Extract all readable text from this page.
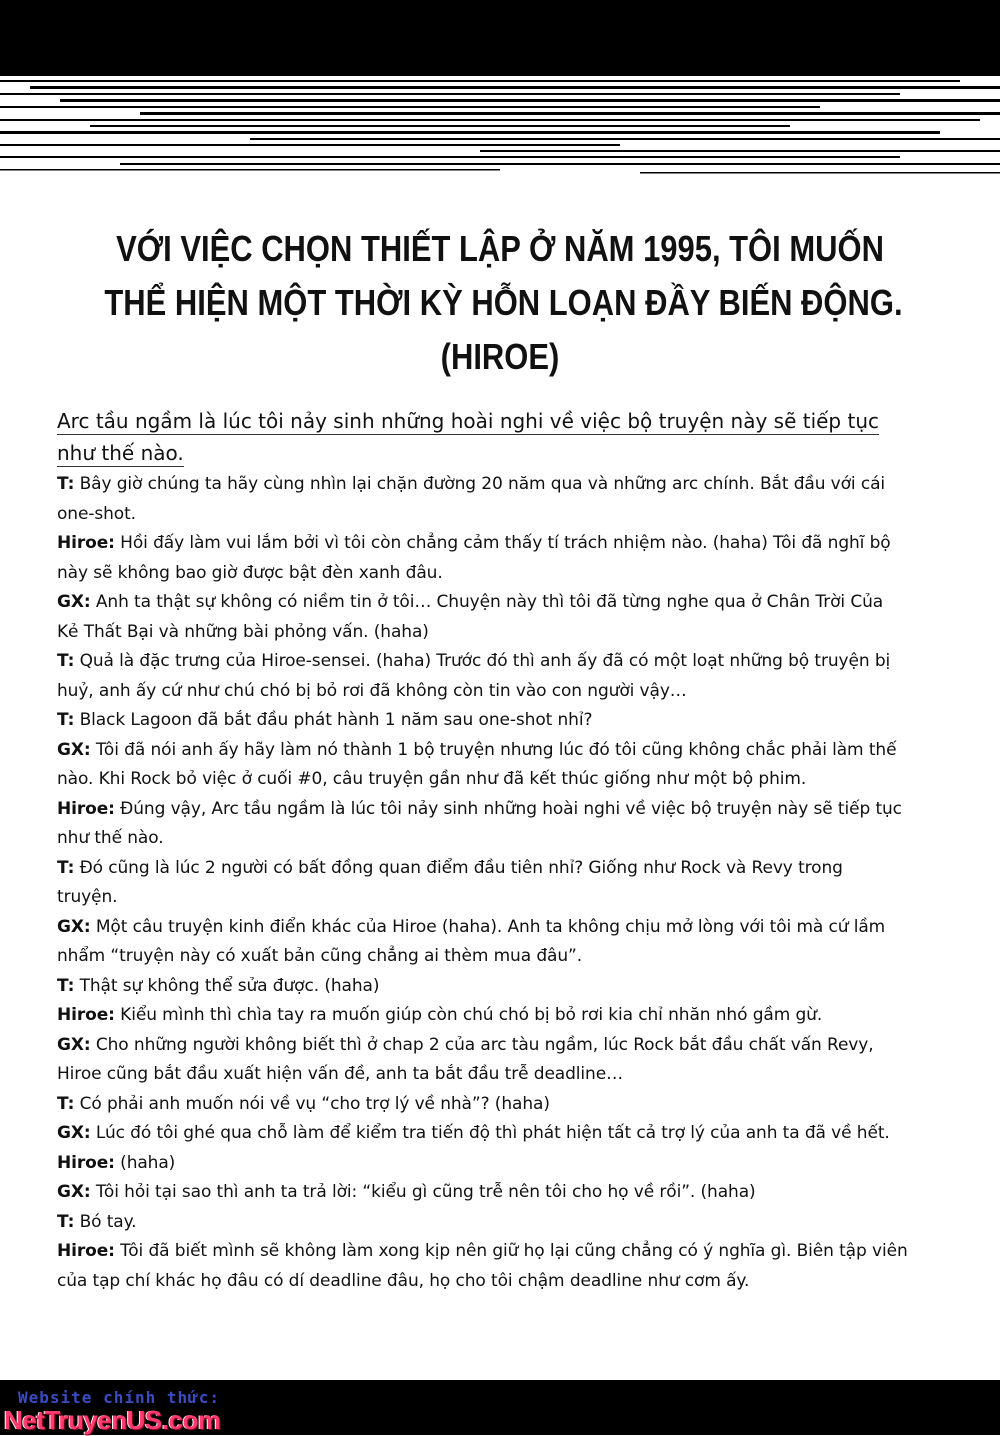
VỚI VIỆC CHỌN THIẾT LẬP Ở NĂM 1995, TÔI MUỐN
THỂ HIỆN MỘT THỜI KỲ HỖN LOẠN ĐẦY BIẾN ĐỘNG.
(HIROE)

Arc tầu ngầm là lúc tôi nảy sinh những hoài nghi về việc bộ truyện này sẽ tiếp tục
như thế nào.

T: Bây giờ chúng ta hãy cùng nhìn lại chặn đường 20 năm qua và những arc chính. Bắt đầu với cái
one-shot.

Hiroe: Hồi đấy làm vui lắm bởi vì tôi còn chẳng cảm thấy tí trách nhiệm nào. (haha) Tôi đã nghĩ bộ
này sẽ không bao giờ được bật đèn xanh đâu.

GX: Anh ta thật sự không có niềm tin ở tôi… Chuyện này thì tôi đã từng nghe qua ở Chân Trời Của
Kẻ Thất Bại và những bài phỏng vấn. (haha)

T: Quả là đặc trưng của Hiroe-sensei. (haha) Trước đó thì anh ấy đã có một loạt những bộ truyện bị
huỷ, anh ấy cứ như chú chó bị bỏ rơi đã không còn tin vào con người vậy…

T: Black Lagoon đã bắt đầu phát hành 1 năm sau one-shot nhỉ?

GX: Tôi đã nói anh ấy hãy làm nó thành 1 bộ truyện nhưng lúc đó tôi cũng không chắc phải làm thế
nào. Khi Rock bỏ việc ở cuối #0, câu truyện gần như đã kết thúc giống như một bộ phim.

Hiroe: Đúng vậy, Arc tầu ngầm là lúc tôi nảy sinh những hoài nghi về việc bộ truyện này sẽ tiếp tục
như thế nào.

T: Đó cũng là lúc 2 người có bất đồng quan điểm đầu tiên nhỉ? Giống như Rock và Revy trong
truyện.

GX: Một câu truyện kinh điển khác của Hiroe (haha). Anh ta không chịu mở lòng với tôi mà cứ lầm
nhẩm “truyện này có xuất bản cũng chẳng ai thèm mua đâu”.

T: Thật sự không thể sửa được. (haha)

Hiroe: Kiểu mình thì chìa tay ra muốn giúp còn chú chó bị bỏ rơi kia chỉ nhăn nhó gầm gừ.

GX: Cho những người không biết thì ở chap 2 của arc tàu ngầm, lúc Rock bắt đầu chất vấn Revy,
Hiroe cũng bắt đầu xuất hiện vấn đề, anh ta bắt đầu trễ deadline…

T: Có phải anh muốn nói về vụ “cho trợ lý về nhà”? (haha)

GX: Lúc đó tôi ghé qua chỗ làm để kiểm tra tiến độ thì phát hiện tất cả trợ lý của anh ta đã về hết.

Hiroe: (haha)

GX: Tôi hỏi tại sao thì anh ta trả lời: “kiểu gì cũng trễ nên tôi cho họ về rồi”. (haha)

T: Bó tay.

Hiroe: Tôi đã biết mình sẽ không làm xong kịp nên giữ họ lại cũng chẳng có ý nghĩa gì. Biên tập viên
của tạp chí khác họ đâu có dí deadline đâu, họ cho tôi chậm deadline như cơm ấy.

Website chính thức:
NetTruyenUS.com
